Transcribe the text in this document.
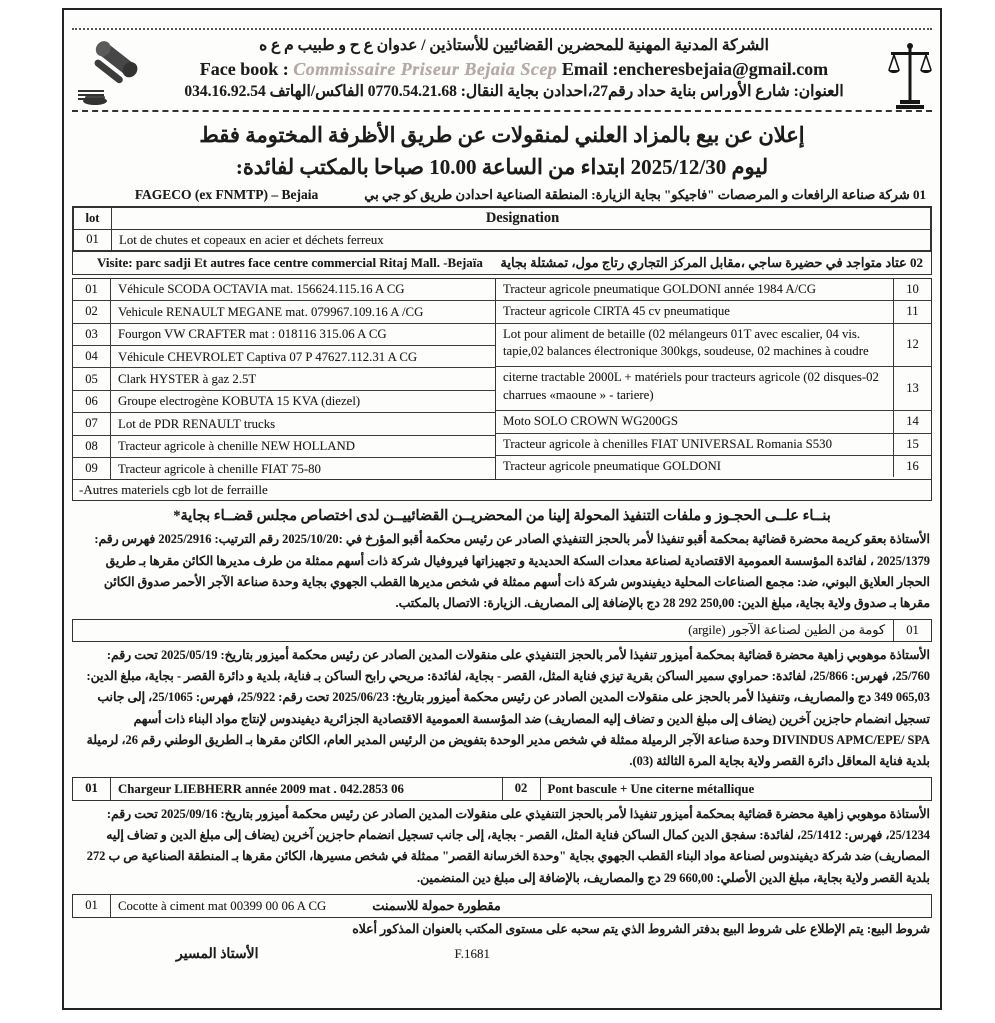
الشركة المدنية المهنية للمحضرين القضائيين للأستاذين / عدوان ع ح و طبيب م ع ه
Face book : Commissaire Priseur Bejaia Scep Email :encheresbejaia@gmail.com
العنوان: شارع الأوراس بناية حداد رقم27،احدادن بجاية النقال: 0770.54.21.68 الفاكس/الهاتف 034.16.92.54
إعلان عن بيع بالمزاد العلني لمنقولات عن طريق الأظرفة المختومة فقط
ليوم 2025/12/30 ابتداء من الساعة 10.00 صباحا بالمكتب لفائدة:
01 شركة صناعة الرافعات و المرصصات "فاجيكو" بجاية الزيارة: المنطقة الصناعية احدادن طريق كو جي بي
FAGECO (ex FNMTP) – Bejaia
lot	Designation
01	Lot de chutes et copeaux en acier et déchets ferreux
Visite: parc sadji Et autres face centre commercial Ritaj Mall. -Bejaïa 02 عتاد متواجد في حضيرة ساجي ،مقابل المركز التجاري رتاج مول، تمشتلة بجاية
01	Véhicule SCODA OCTAVIA mat. 156624.115.16 A CG
02	Vehicule RENAULT MEGANE mat. 079967.109.16 A /CG
03	Fourgon VW CRAFTER mat : 018116 315.06 A CG
04	Véhicule CHEVROLET Captiva 07 P 47627.112.31 A CG
05	Clark HYSTER à gaz 2.5T
06	Groupe electrogène KOBUTA 15 KVA (diezel)
07	Lot de PDR RENAULT trucks
08	Tracteur agricole à chenille NEW HOLLAND
09	Tracteur agricole à chenille FIAT 75-80
Tracteur agricole pneumatique GOLDONI année 1984 A/CG	10
Tracteur agricole CIRTA 45 cv pneumatique	11
Lot pour aliment de betaille (02 mélangeurs 01T avec escalier, 04 vis. tapie,02 balances électronique 300kgs, soudeuse, 02 machines à coudre	12
citerne tractable 2000L + matériels pour tracteurs agricole (02 disques-02 charrues «maoune » - tariere)	13
Moto SOLO CROWN WG200GS	14
Tracteur agricole à chenilles FIAT UNIVERSAL Romania S530	15
Tracteur agricole pneumatique GOLDONI	16
-Autres materiels cgb lot de ferraille
بنــاء علــى الحجـوز و ملفات التنفيذ المحولة إلينا من المحضريــن القضائييــن لدى اختصاص مجلس قضــاء بجاية*
الأستاذة بعقو كريمة محضرة قضائية بمحكمة أقبو تنفيذا لأمر بالحجز التنفيذي الصادر عن رئيس محكمة أقبو المؤرخ في :2025/10/20 رقم الترتيب: 2025/2916 فهرس رقم: 2025/1379 ، لفائدة المؤسسة العمومية الاقتصادية لصناعة معدات السكة الحديدية و تجهيزاتها فيروفيال شركة ذات أسهم ممثلة من طرف مديرها الكائن مقرها بـ طريق الحجار العلايق البوني، ضد: مجمع الصناعات المحلية ديفيندوس شركة ذات أسهم ممثلة في شخص مديرها القطب الجهوي بجاية وحدة صناعة الآجر الأحمر صدوق الكائن مقرها بـ صدوق ولاية بجاية، مبلغ الدين: ‪28 292 250,00‬ دج بالإضافة إلى المصاريف. الزيارة: الاتصال بالمكتب.
01
كومة من الطين لصناعة الآجور (argile)
الأستاذة موهوبي زاهية محضرة قضائية بمحكمة أميزور تنفيذا لأمر بالحجز التنفيذي على منقولات المدين الصادر عن رئيس محكمة أميزور بتاريخ: 2025/05/19 تحت رقم: 25/760، فهرس: 25/866، لفائدة: حمراوي سمير الساكن بقرية تيزي فناية المثل، القصر - بجاية، لفائدة: مريحي رابح الساكن بـ فناية، بلدية و دائرة القصر - بجاية، مبلغ الدين: ‪349 065,03‬ دج والمصاريف، وتنفيذا لأمر بالحجز على منقولات المدين الصادر عن رئيس محكمة أميزور بتاريخ: 2025/06/23 تحت رقم: 25/922، فهرس: 25/1065، إلى جانب تسجيل انضمام حاجزين آخرين (يضاف إلى مبلغ الدين و تضاف إليه المصاريف) ضد المؤسسة العمومية الاقتصادية الجزائرية ديفيندوس لإنتاج مواد البناء ذات أسهم DIVINDUS APMC/EPE/ SPA وحدة صناعة الآجر الرميلة ممثلة في شخص مدير الوحدة بتفويض من الرئيس المدير العام، الكائن مقرها بـ الطريق الوطني رقم 26، لرميلة بلدية فناية المعاقل دائرة القصر ولاية بجاية المرة الثالثة (03).
01	Chargeur LIEBHERR année 2009 mat . 042.2853 06	02	Pont bascule + Une citerne métallique
الأستاذة موهوبي زاهية محضرة قضائية بمحكمة أميزور تنفيذا لأمر بالحجز التنفيذي على منقولات المدين الصادر عن رئيس محكمة أميزور بتاريخ: 2025/09/16 تحت رقم: 25/1234، فهرس: 25/1412، لفائدة: سفجق الدين كمال الساكن فناية المثل، القصر - بجاية، إلى جانب تسجيل انضمام حاجزين آخرين (يضاف إلى مبلغ الدين و تضاف إليه المصاريف) ضد شركة ديفيندوس لصناعة مواد البناء القطب الجهوي بجاية "وحدة الخرسانة القصر" ممثلة في شخص مسيرها، الكائن مقرها بـ المنطقة الصناعية ص ب 272 بلدية القصر ولاية بجاية، مبلغ الدين الأصلي: ‪29 660,00‬ دج والمصاريف، بالإضافة إلى مبلغ دين المنضمين.
01	Cocotte à ciment mat 00399 00 06 A CG	مقطورة حمولة للاسمنت
شروط البيع: يتم الإطلاع على شروط البيع بدفتر الشروط الذي يتم سحبه على مستوى المكتب بالعنوان المذكور أعلاه
الأستاذ المسير	F.1681
